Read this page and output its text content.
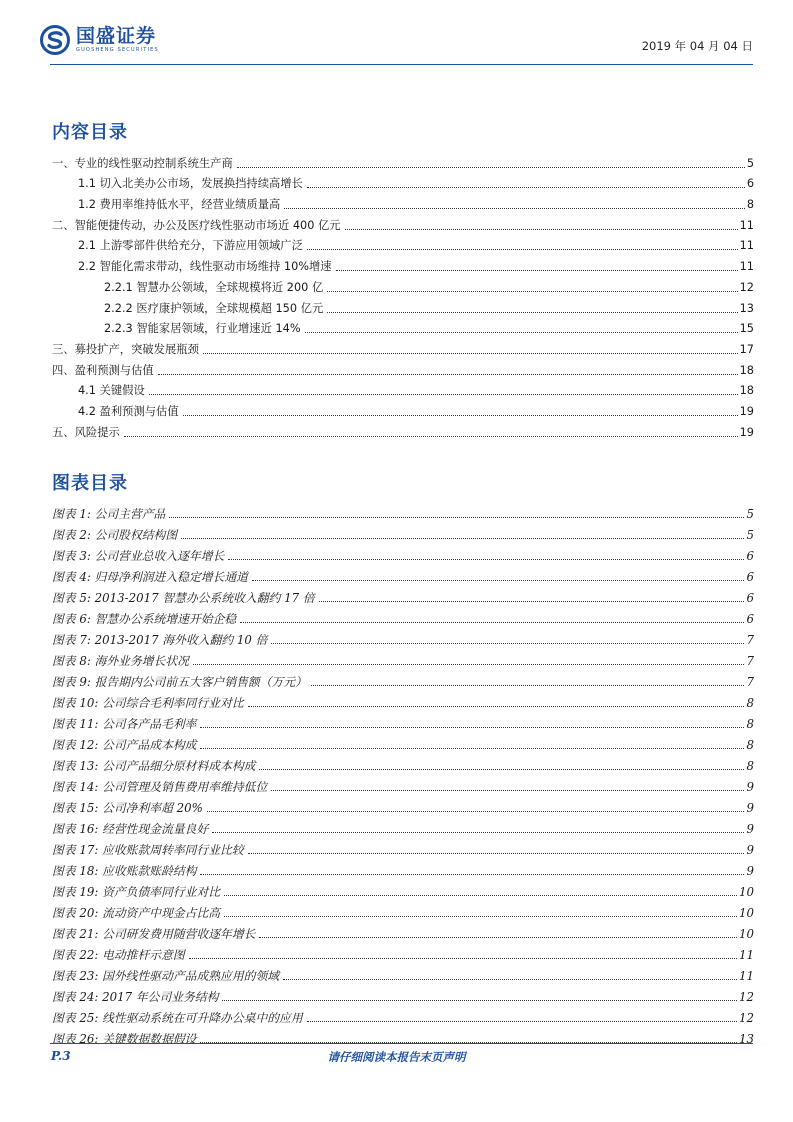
国盛证券
GUOSHENG SECURITIES	2019 年 04 月 04 日
内容目录
一、专业的线性驱动控制系统生产商	5
1.1 切入北美办公市场，发展换挡持续高增长	6
1.2 费用率维持低水平，经营业绩质量高	8
二、智能便捷传动，办公及医疗线性驱动市场近 400 亿元	11
2.1 上游零部件供给充分，下游应用领域广泛	11
2.2 智能化需求带动，线性驱动市场维持 10%增速	11
2.2.1 智慧办公领域，全球规模将近 200 亿	12
2.2.2 医疗康护领域，全球规模超 150 亿元	13
2.2.3 智能家居领域，行业增速近 14%	15
三、募投扩产，突破发展瓶颈	17
四、盈利预测与估值	18
4.1 关键假设	18
4.2 盈利预测与估值	19
五、风险提示	19
图表目录
图表 1: 公司主营产品	5
图表 2: 公司股权结构图	5
图表 3: 公司营业总收入逐年增长	6
图表 4: 归母净利润进入稳定增长通道	6
图表 5: 2013-2017 智慧办公系统收入翻约 17 倍	6
图表 6: 智慧办公系统增速开始企稳	6
图表 7: 2013-2017 海外收入翻约 10 倍	7
图表 8: 海外业务增长状况	7
图表 9: 报告期内公司前五大客户销售额（万元）	7
图表 10: 公司综合毛利率同行业对比	8
图表 11: 公司各产品毛利率	8
图表 12: 公司产品成本构成	8
图表 13: 公司产品细分原材料成本构成	8
图表 14: 公司管理及销售费用率维持低位	9
图表 15: 公司净利率超 20%	9
图表 16: 经营性现金流量良好	9
图表 17: 应收账款周转率同行业比较	9
图表 18: 应收账款账龄结构	9
图表 19: 资产负债率同行业对比	10
图表 20: 流动资产中现金占比高	10
图表 21: 公司研发费用随营收逐年增长	10
图表 22: 电动推杆示意图	11
图表 23: 国外线性驱动产品成熟应用的领域	11
图表 24: 2017 年公司业务结构	12
图表 25: 线性驱动系统在可升降办公桌中的应用	12
图表 26: 关键数据数据假设	13
P.3	请仔细阅读本报告末页声明
